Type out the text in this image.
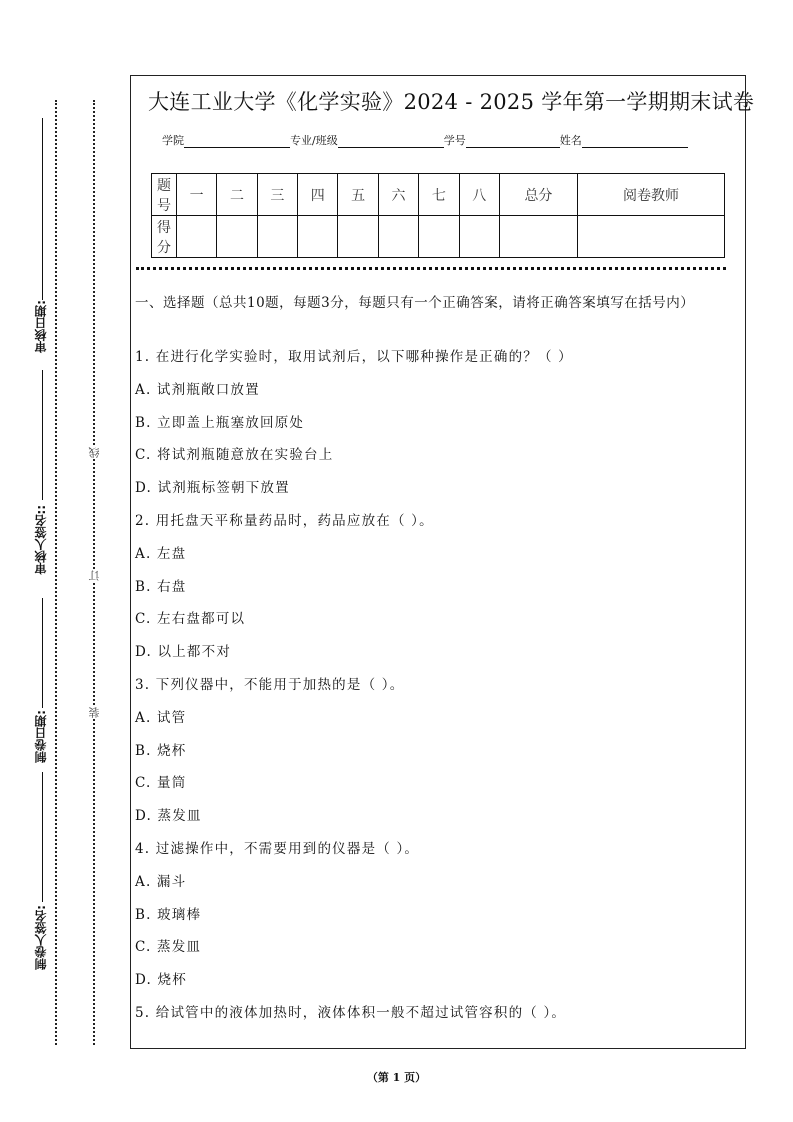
审核日期:
审核人签名::
制卷日期:
制卷人签名:
线
订
装
大连工业大学《化学实验》2024 - 2025 学年第一学期期末试卷
学院	专业/班级	学号	姓名
题号	一	二	三	四	五	六	七	八	总分	阅卷教师
得分										
一、选择题（总共10题，每题3分，每题只有一个正确答案，请将正确答案填写在括号内）
1. 在进行化学实验时，取用试剂后，以下哪种操作是正确的？（ ）
A. 试剂瓶敞口放置
B. 立即盖上瓶塞放回原处
C. 将试剂瓶随意放在实验台上
D. 试剂瓶标签朝下放置
2. 用托盘天平称量药品时，药品应放在（ ）。
A. 左盘
B. 右盘
C. 左右盘都可以
D. 以上都不对
3. 下列仪器中，不能用于加热的是（ ）。
A. 试管
B. 烧杯
C. 量筒
D. 蒸发皿
4. 过滤操作中，不需要用到的仪器是（ ）。
A. 漏斗
B. 玻璃棒
C. 蒸发皿
D. 烧杯
5. 给试管中的液体加热时，液体体积一般不超过试管容积的（ ）。
（第 1 页）
